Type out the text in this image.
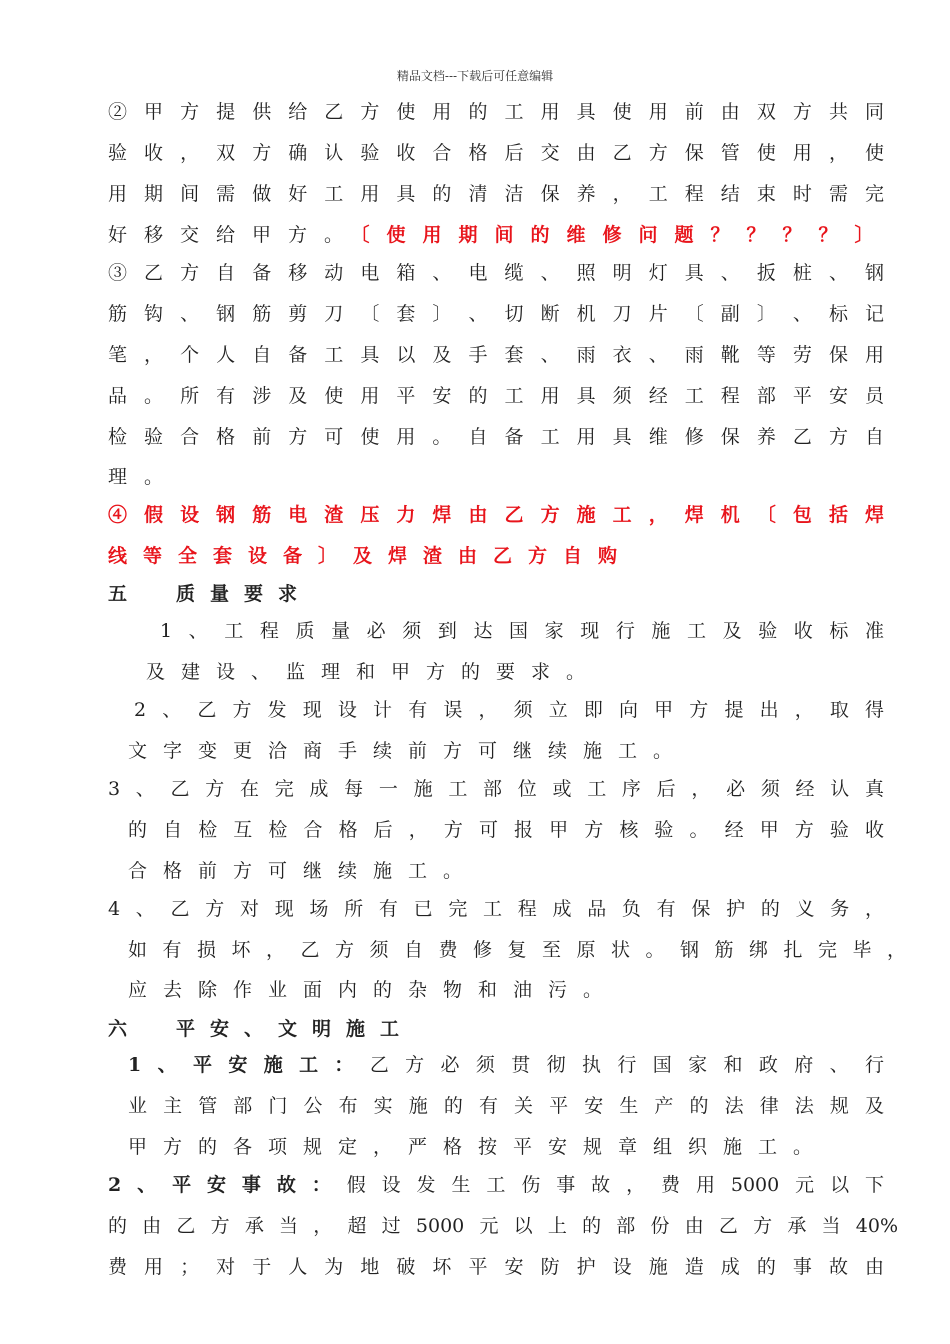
精品文档---下载后可任意编辑
②​甲​方​提​供​给​乙​方​使​用​的​工​用​具​使​用​前​由​双​方​共​同
验​收​，​双​方​确​认​验​收​合​格​后​交​由​乙​方​保​管​使​用​，​使
用​期​间​需​做​好​工​用​具​的​清​洁​保​养​，​工​程​结​束​时​需​完
好移交给甲方。〔使用期间的维修问题？？？？〕
③​乙​方​自​备​移​动​电​箱​、​电​缆​、​照​明​灯​具​、​扳​桩​、​钢
筋​钩​、​钢​筋​剪​刀​〔​套​〕​、​切​断​机​刀​片​〔​副​〕​、​标​记
笔​，​个​人​自​备​工​具​以​及​手​套​、​雨​衣​、​雨​靴​等​劳​保​用
品​。​所​有​涉​及​使​用​平​安​的​工​用​具​须​经​工​程​部​平​安​员
检​验​合​格​前​方​可​使​用​。​自​备​工​用​具​维​修​保​养​乙​方​自
理。
④​假​设​钢​筋​电​渣​压​力​焊​由​乙​方​施​工​，​焊​机​〔​包​括​焊
线等全套设备〕及焊渣由乙方自购
五　质量要求
1​、​工​程​质​量​必​须​到​达​国​家​现​行​施​工​及​验​收​标​准
及建设、监理和甲方的要求。
2​、​乙​方​发​现​设​计​有​误​，​须​立​即​向​甲​方​提​出​，​取​得
文字变更洽商手续前方可继续施工。
3​、​乙​方​在​完​成​每​一​施​工​部​位​或​工​序​后​，​必​须​经​认​真
的​自​检​互​检​合​格​后​，​方​可​报​甲​方​核​验​。​经​甲​方​验​收
合格前方可继续施工。
4​、​乙​方​对​现​场​所​有​已​完​工​程​成​品​负​有​保​护​的​义​务​，
如​有​损​坏​，​乙​方​须​自​费​修​复​至​原​状​。​钢​筋​绑​扎​完​毕​，
应去除作业面内的杂物和油污。
六　平安、文明施工
1、平安施工：乙方必须贯彻执行国家和政府、行
业​主​管​部​门​公​布​实​施​的​有​关​平​安​生​产​的​法​律​法​规​及
甲方的各项规定，严格按平安规章组织施工。
2、平安事故：假设发生工伤事故，费用5000元以下
的​由​乙​方​承​当​，​超​过​5​0​0​0​元​以​上​的​部​份​由​乙​方​承​当​4​0​%
费​用​；​对​于​人​为​地​破​坏​平​安​防​护​设​施​造​成​的​事​故​由
